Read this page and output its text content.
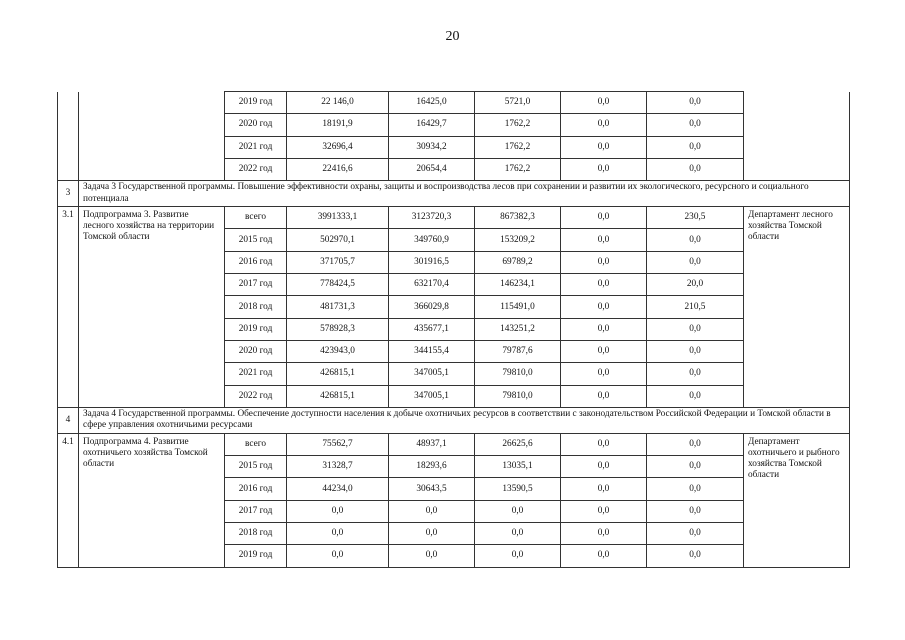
20
		2019 год	22 146,0	16425,0	5721,0	0,0	0,0	
		2020 год	18191,9	16429,7	1762,2	0,0	0,0	
		2021 год	32696,4	30934,2	1762,2	0,0	0,0	
		2022 год	22416,6	20654,4	1762,2	0,0	0,0	
3	Задача 3 Государственной программы. Повышение эффективности охраны, защиты и воспроизводства лесов при сохранении и развитии их экологического, ресурсного и социального потенциала							
3.1	Подпрограмма 3. Развитие лесного хозяйства на территории Томской области	всего	3991333,1	3123720,3	867382,3	0,0	230,5	Департамент лесного хозяйства Томской области
		2015 год	502970,1	349760,9	153209,2	0,0	0,0	
		2016 год	371705,7	301916,5	69789,2	0,0	0,0	
		2017 год	778424,5	632170,4	146234,1	0,0	20,0	
		2018 год	481731,3	366029,8	115491,0	0,0	210,5	
		2019 год	578928,3	435677,1	143251,2	0,0	0,0	
		2020 год	423943,0	344155,4	79787,6	0,0	0,0	
		2021 год	426815,1	347005,1	79810,0	0,0	0,0	
		2022 год	426815,1	347005,1	79810,0	0,0	0,0	
4	Задача 4 Государственной программы. Обеспечение доступности населения к добыче охотничьих ресурсов в соответствии с законодательством Российской Федерации и Томской области в сфере управления охотничьими ресурсами							
4.1	Подпрограмма 4. Развитие охотничьего хозяйства Томской области	всего	75562,7	48937,1	26625,6	0,0	0,0	Департамент охотничьего и рыбного хозяйства Томской области
		2015 год	31328,7	18293,6	13035,1	0,0	0,0	
		2016 год	44234,0	30643,5	13590,5	0,0	0,0	
		2017 год	0,0	0,0	0,0	0,0	0,0	
		2018 год	0,0	0,0	0,0	0,0	0,0	
		2019 год	0,0	0,0	0,0	0,0	0,0	
